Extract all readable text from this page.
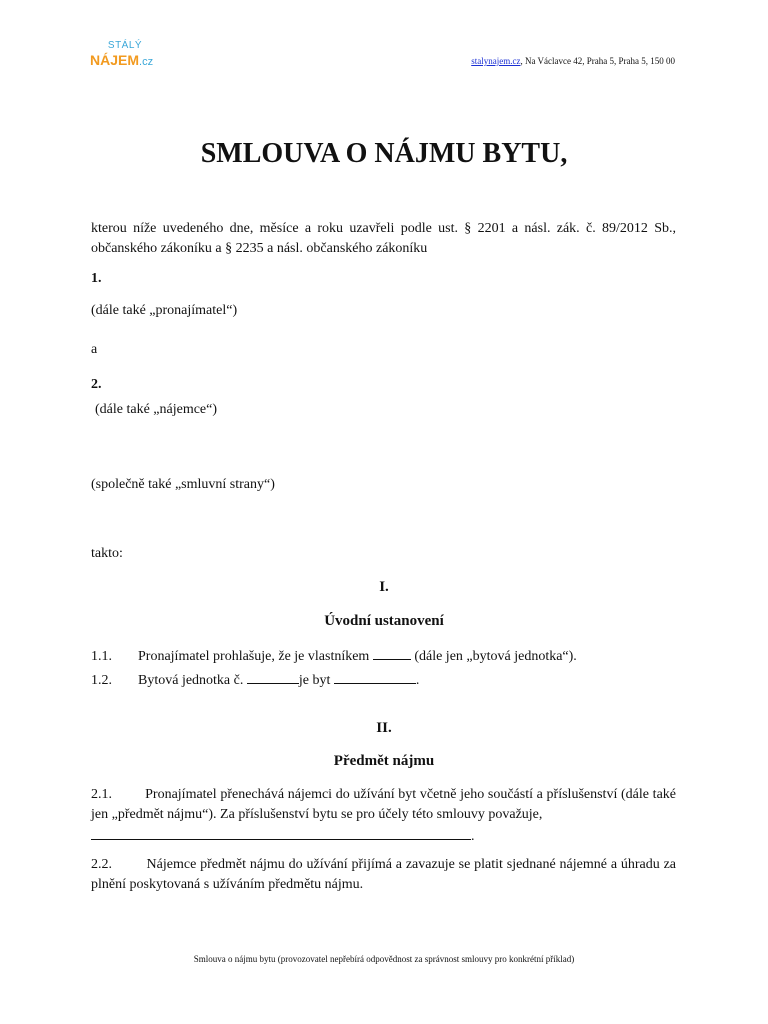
STÁLÝ
NÁJEM.cz	stalynajem.cz, Na Václavce 42, Praha 5, Praha 5, 150 00
SMLOUVA O NÁJMU BYTU,
kterou níže uvedeného dne, měsíce a roku uzavřeli podle ust. § 2201 a násl. zák. č. 89/2012 Sb., občanského zákoníku a § 2235 a násl. občanského zákoníku
1.
(dále také „pronajímatel“)
a
2.
(dále také „nájemce“)
(společně také „smluvní strany“)
takto:
I.
Úvodní ustanovení
1.1. Pronajímatel prohlašuje, že je vlastníkem	(dále jen „bytová jednotka“).
1.2. Bytová jednotka č.	je byt	.
II.
Předmět nájmu
2.1. Pronajímatel přenechává nájemci do užívání byt včetně jeho součástí a příslušenství (dále také jen „předmět nájmu“). Za příslušenství bytu se pro účely této smlouvy považuje,
.
2.2. Nájemce předmět nájmu do užívání přijímá a zavazuje se platit sjednané nájemné a úhradu za plnění poskytovaná s užíváním předmětu nájmu.
Smlouva o nájmu bytu (provozovatel nepřebírá odpovědnost za správnost smlouvy pro konkrétní příklad)
